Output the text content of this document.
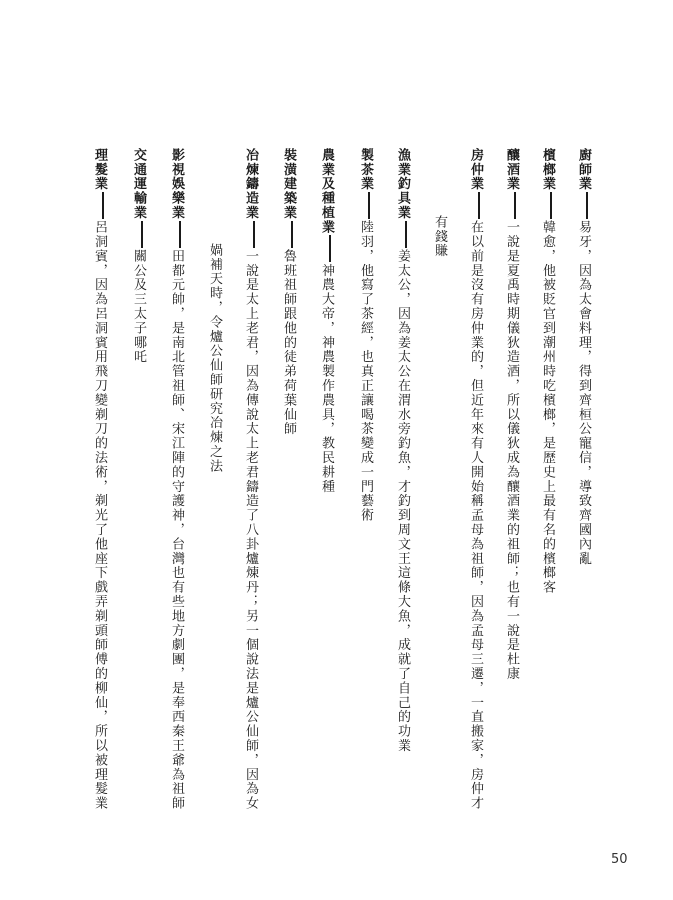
廚師業易牙，因為太會料理，得到齊桓公寵信，導致齊國內亂
檳榔業韓愈，他被貶官到潮州時吃檳榔，是歷史上最有名的檳榔客
釀酒業一說是夏禹時期儀狄造酒，所以儀狄成為釀酒業的祖師；也有一說是杜康
房仲業在以前是沒有房仲業的，但近年來有人開始稱孟母為祖師，因為孟母三遷，一直搬家，房仲才
有錢賺
漁業釣具業姜太公，因為姜太公在渭水旁釣魚，才釣到周文王這條大魚，成就了自己的功業
製茶業陸羽，他寫了茶經，也真正讓喝茶變成一門藝術
農業及種植業神農大帝，神農製作農具，教民耕種
裝潢建築業魯班祖師跟他的徒弟荷葉仙師
冶煉鑄造業一說是太上老君，因為傳說太上老君鑄造了八卦爐煉丹；另一個說法是爐公仙師，因為女
媧補天時，令爐公仙師研究冶煉之法
影視娛樂業田都元帥，是南北管祖師、宋江陣的守護神，台灣也有些地方劇團，是奉西秦王爺為祖師
交通運輸業關公及三太子哪吒
理髮業呂洞賓，因為呂洞賓用飛刀變剃刀的法術，剃光了他座下戲弄剃頭師傅的柳仙，所以被理髮業
50
